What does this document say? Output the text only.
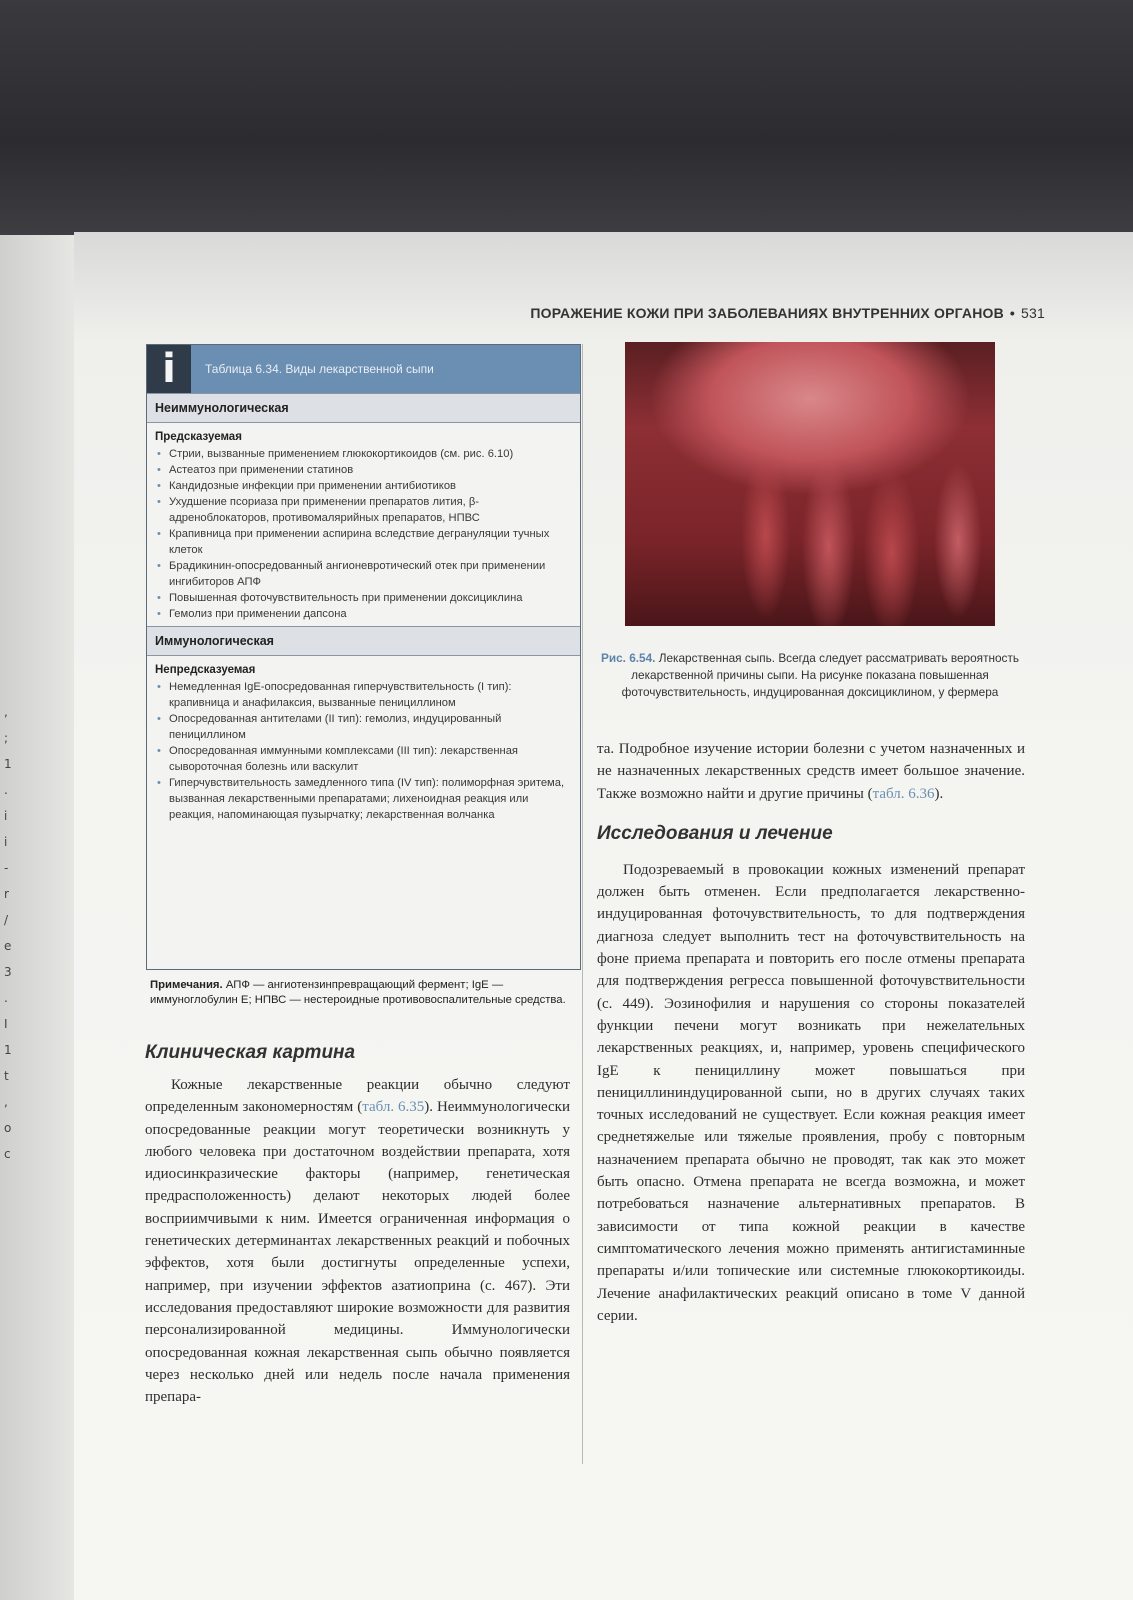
,
;
1
.
i
i
-
r
/
e
3
.
I
1
t
,
o
c
ПОРАЖЕНИЕ КОЖИ ПРИ ЗАБОЛЕВАНИЯХ ВНУТРЕННИХ ОРГАНОВ • 531
i	Таблица 6.34. Виды лекарственной сыпи
Неиммунологическая
Предсказуемая
• Стрии, вызванные применением глюкокортикоидов (см. рис. 6.10)
• Астеатоз при применении статинов
• Кандидозные инфекции при применении антибиотиков
• Ухудшение псориаза при применении препаратов лития, β-адреноблокаторов, противомалярийных препаратов, НПВС
• Крапивница при применении аспирина вследствие дегрануляции тучных клеток
• Брадикинин-опосредованный ангионевротический отек при применении ингибиторов АПФ
• Повышенная фоточувствительность при применении доксициклина
• Гемолиз при применении дапсона
Иммунологическая
Непредсказуемая
• Немедленная IgE-опосредованная гиперчувствительность (I тип): крапивница и анафилаксия, вызванные пенициллином
• Опосредованная антителами (II тип): гемолиз, индуцированный пенициллином
• Опосредованная иммунными комплексами (III тип): лекарственная сывороточная болезнь или васкулит
• Гиперчувствительность замедленного типа (IV тип): полиморфная эритема, вызванная лекарственными препаратами; лихеноидная реакция или реакция, напоминающая пузырчатку; лекарственная волчанка
Примечания. АПФ — ангиотензинпревращающий фермент; IgE — иммуноглобулин E; НПВС — нестероидные противовоспалительные средства.
Рис. 6.54. Лекарственная сыпь. Всегда следует рассматривать вероятность лекарственной причины сыпи. На рисунке показана повышенная фоточувствительность, индуцированная доксициклином, у фермера
Клиническая картина

Кожные лекарственные реакции обычно следуют определенным закономерностям (табл. 6.35). Неиммунологически опосредованные реакции могут теоретически возникнуть у любого человека при достаточном воздействии препарата, хотя идиосинкразические факторы (например, генетическая предрасположенность) делают некоторых людей более восприимчивыми к ним. Имеется ограниченная информация о генетических детерминантах лекарственных реакций и побочных эффектов, хотя были достигнуты определенные успехи, например, при изучении эффектов азатиоприна (с. 467). Эти исследования предоставляют широкие возможности для развития персонализированной медицины. Иммунологически опосредованная кожная лекарственная сыпь обычно появляется через несколько дней или недель после начала применения препара-

та. Подробное изучение истории болезни с учетом назначенных и не назначенных лекарственных средств имеет большое значение. Также возможно найти и другие причины (табл. 6.36).

Исследования и лечение

Подозреваемый в провокации кожных изменений препарат должен быть отменен. Если предполагается лекарственно-индуцированная фоточувствительность, то для подтверждения диагноза следует выполнить тест на фоточувствительность на фоне приема препарата и повторить его после отмены препарата для подтверждения регресса повышенной фоточувствительности (с. 449). Эозинофилия и нарушения со стороны показателей функции печени могут возникать при нежелательных лекарственных реакциях, и, например, уровень специфического IgE к пенициллину может повышаться при пенициллининдуцированной сыпи, но в других случаях таких точных исследований не существует. Если кожная реакция имеет среднетяжелые или тяжелые проявления, пробу с повторным назначением препарата обычно не проводят, так как это может быть опасно. Отмена препарата не всегда возможна, и может потребоваться назначение альтернативных препаратов. В зависимости от типа кожной реакции в качестве симптоматического лечения можно применять антигистаминные препараты и/или топические или системные глюкокортикоиды. Лечение анафилактических реакций описано в томе V данной серии.
